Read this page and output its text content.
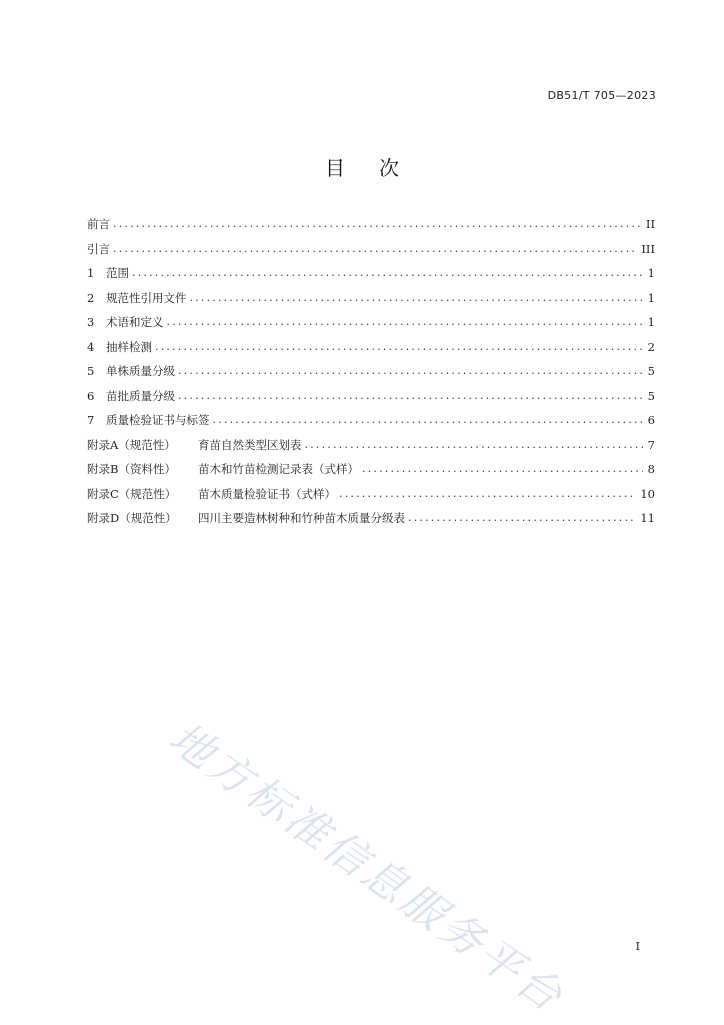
DB51/T 705—2023
目次
前言 .....	II
引言 .....	III
1	范围 .....	1
2	规范性引用文件 .....	1
3	术语和定义 .....	1
4	抽样检测 .....	2
5	单株质量分级 .....	5
6	苗批质量分级 .....	5
7	质量检验证书与标签 .....	6
附录A（规范性）	育苗自然类型区划表 .....	7
附录B（资料性）	苗木和竹苗检测记录表（式样） .....	8
附录C（规范性）	苗木质量检验证书（式样） .....	10
附录D（规范性）	四川主要造林树种和竹种苗木质量分级表 .....	11
地方标准信息服务平台	I
